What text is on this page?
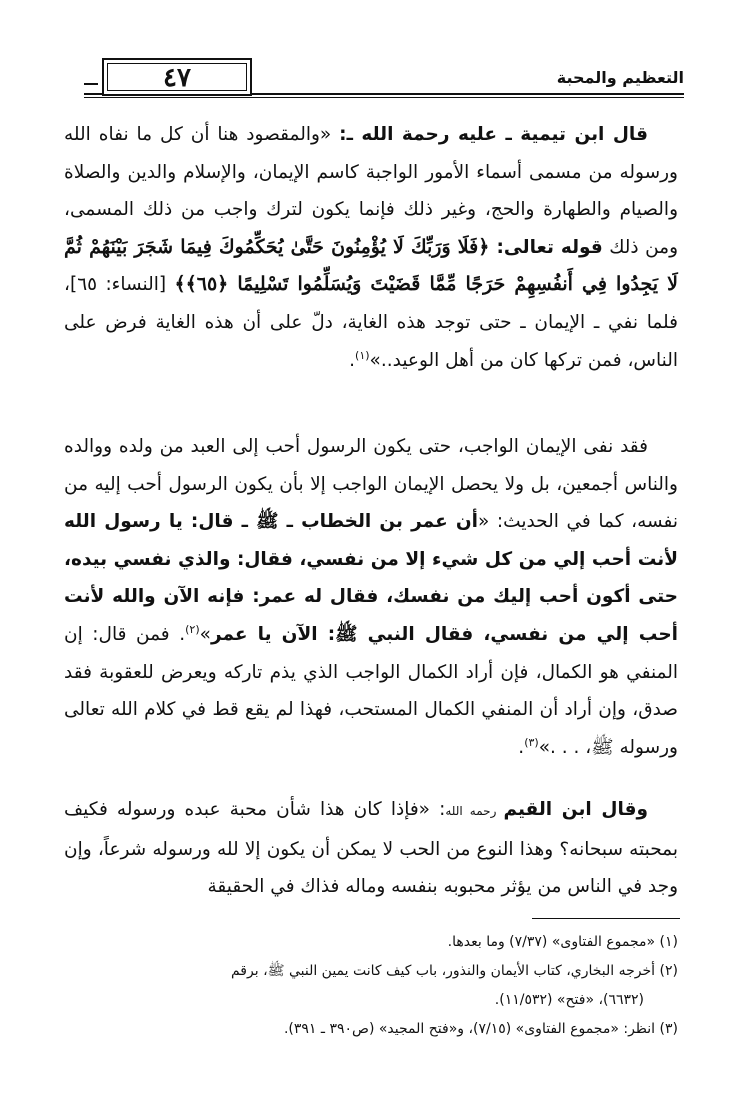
٤٧	التعظيم والمحبة

قال ابن تيمية ـ عليه رحمة الله ـ: «والمقصود هنا أن كل ما نفاه الله ورسوله من مسمى أسماء الأمور الواجبة كاسم الإيمان، والإسلام والدين والصلاة والصيام والطهارة والحج، وغير ذلك فإنما يكون لترك واجب من ذلك المسمى، ومن ذلك قوله تعالى: ﴿فَلَا وَرَبِّكَ لَا يُؤْمِنُونَ حَتَّىٰ يُحَكِّمُوكَ فِيمَا شَجَرَ بَيْنَهُمْ ثُمَّ لَا يَجِدُوا فِي أَنفُسِهِمْ حَرَجًا مِّمَّا قَضَيْتَ وَيُسَلِّمُوا تَسْلِيمًا ﴿٦٥﴾﴾ [النساء: ٦٥]، فلما نفي ـ الإيمان ـ حتى توجد هذه الغاية، دلّ على أن هذه الغاية فرض على الناس، فمن تركها كان من أهل الوعيد..»$^{(١)}$.

فقد نفى الإيمان الواجب، حتى يكون الرسول أحب إلى العبد من ولده ووالده والناس أجمعين، بل ولا يحصل الإيمان الواجب إلا بأن يكون الرسول أحب إليه من نفسه، كما في الحديث: «أن عمر بن الخطاب ـ ﷺ ـ قال: يا رسول الله لأنت أحب إلي من كل شيء إلا من نفسي، فقال: والذي نفسي بيده، حتى أكون أحب إليك من نفسك، فقال له عمر: فإنه الآن والله لأنت أحب إلي من نفسي، فقال النبي ﷺ: الآن يا عمر»$^{(٢)}$. فمن قال: إن المنفي هو الكمال، فإن أراد الكمال الواجب الذي يذم تاركه ويعرض للعقوبة فقد صدق، وإن أراد أن المنفي الكمال المستحب، فهذا لم يقع قط في كلام الله تعالى ورسوله ﷺ، . . .»$^{(٣)}$.

وقال ابن القيم رحمه الله: «فإذا كان هذا شأن محبة عبده ورسوله فكيف بمحبته سبحانه؟ وهذا النوع من الحب لا يمكن أن يكون إلا لله ورسوله شرعاً، وإن وجد في الناس من يؤثر محبوبه بنفسه وماله فذاك في الحقيقة

(١) «مجموع الفتاوى» (٧/٣٧) وما بعدها.
(٢) أخرجه البخاري، كتاب الأيمان والنذور، باب كيف كانت يمين النبي ﷺ، برقم
(٦٦٣٢)، «فتح» (١١/٥٣٢).
(٣) انظر: «مجموع الفتاوى» (٧/١٥)، و«فتح المجيد» (ص٣٩٠ ـ ٣٩١).
